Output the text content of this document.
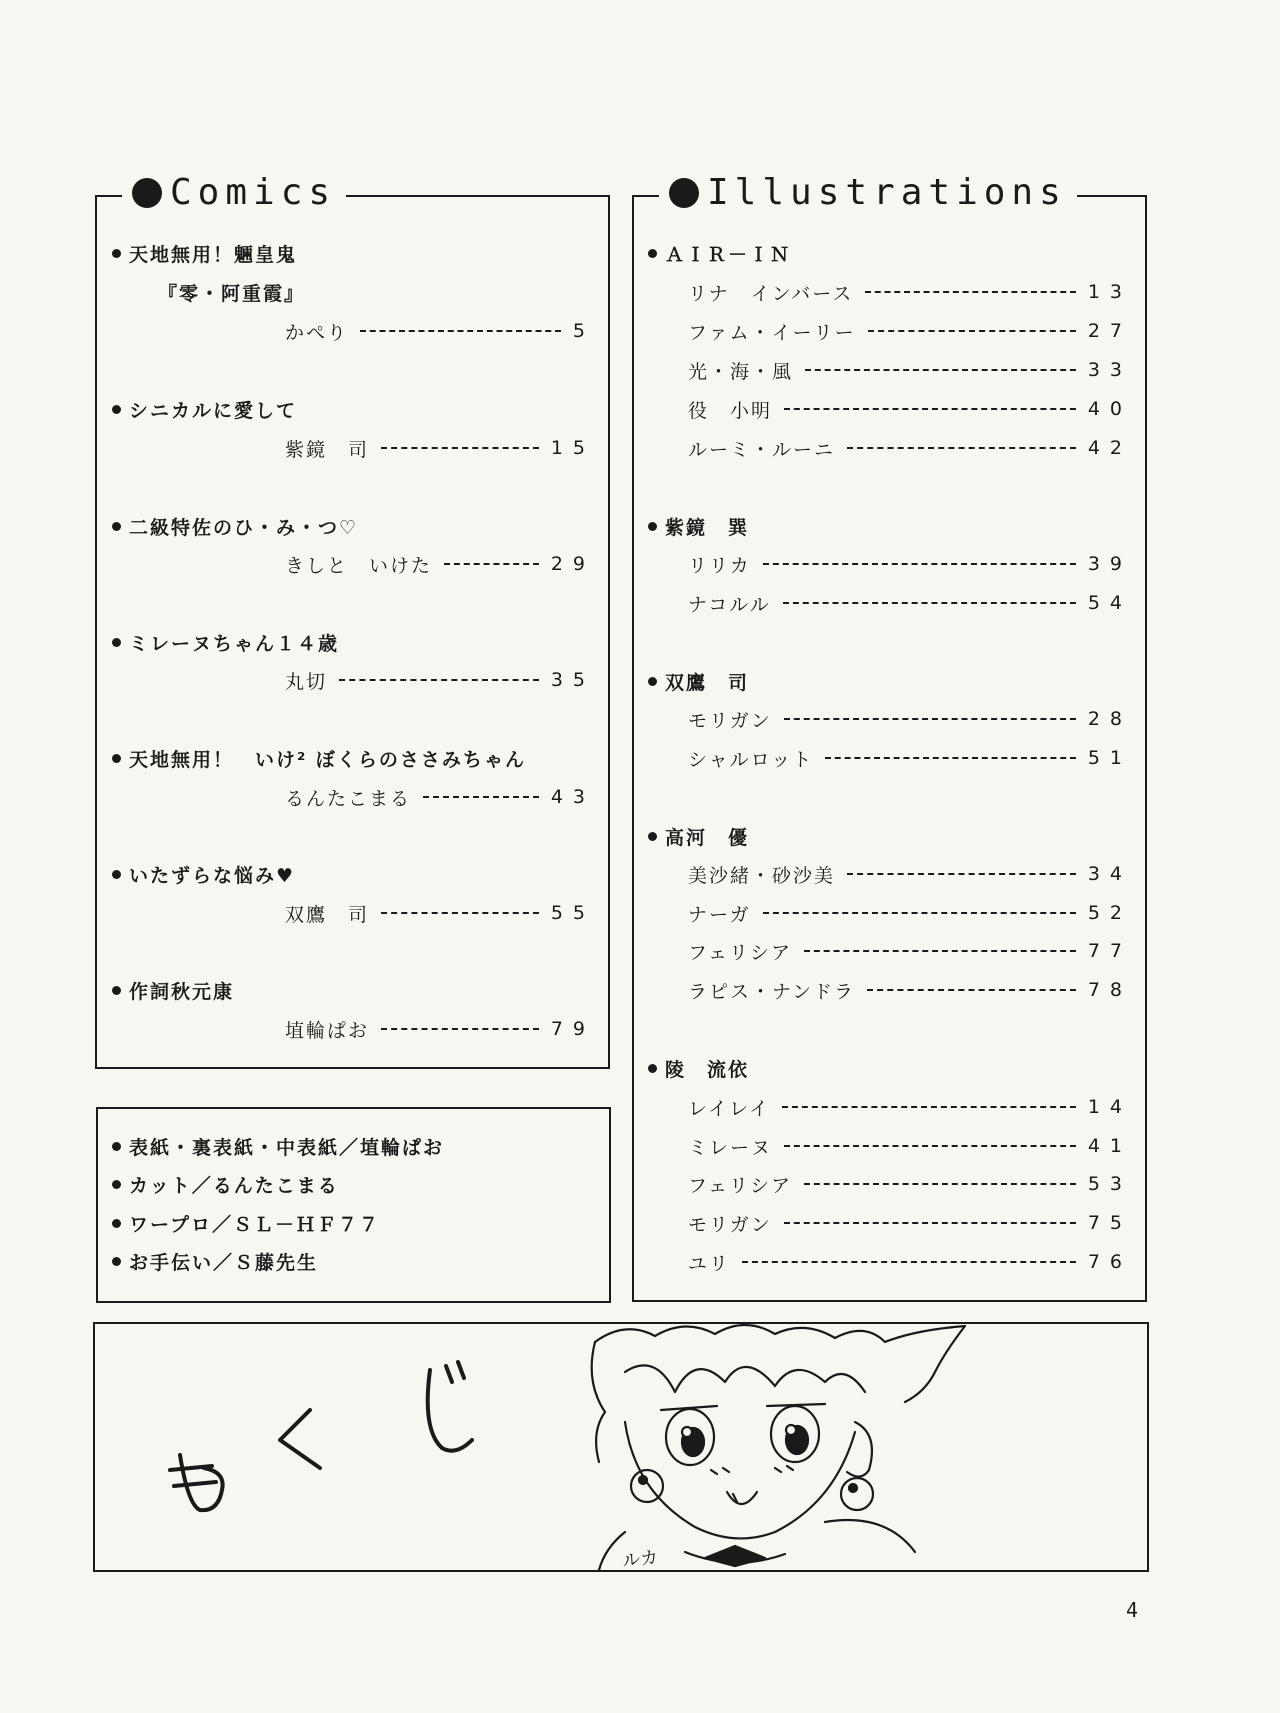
Comics
天地無用！魎皇鬼
『零・阿重霞』
かぺり	5
シニカルに愛して
紫鏡　司	15
二級特佐のひ・み・つ♡
きしと　いけた	29
ミレーヌちゃん１４歳
丸切	35
天地無用！　いけ² ぼくらのささみちゃん
るんたこまる	43
いたずらな悩み♥
双鷹　司	55
作詞秋元康
埴輪ぱお	79
表紙・裏表紙・中表紙／埴輪ぱお
カット／るんたこまる
ワープロ／ＳＬ－ＨＦ７７
お手伝い／Ｓ藤先生
Illustrations
ＡＩＲ－ＩＮ
リナ　インバース	13
ファム・イーリー	27
光・海・風	33
役　小明	40
ルーミ・ルーニ	42
紫鏡　巽
リリカ	39
ナコルル	54
双鷹　司
モリガン	28
シャルロット	51
高河　優
美沙緒・砂沙美	34
ナーガ	52
フェリシア	77
ラピス・ナンドラ	78
陵　流依
レイレイ	14
ミレーヌ	41
フェリシア	53
モリガン	75
ユリ	76
ルカ
4
